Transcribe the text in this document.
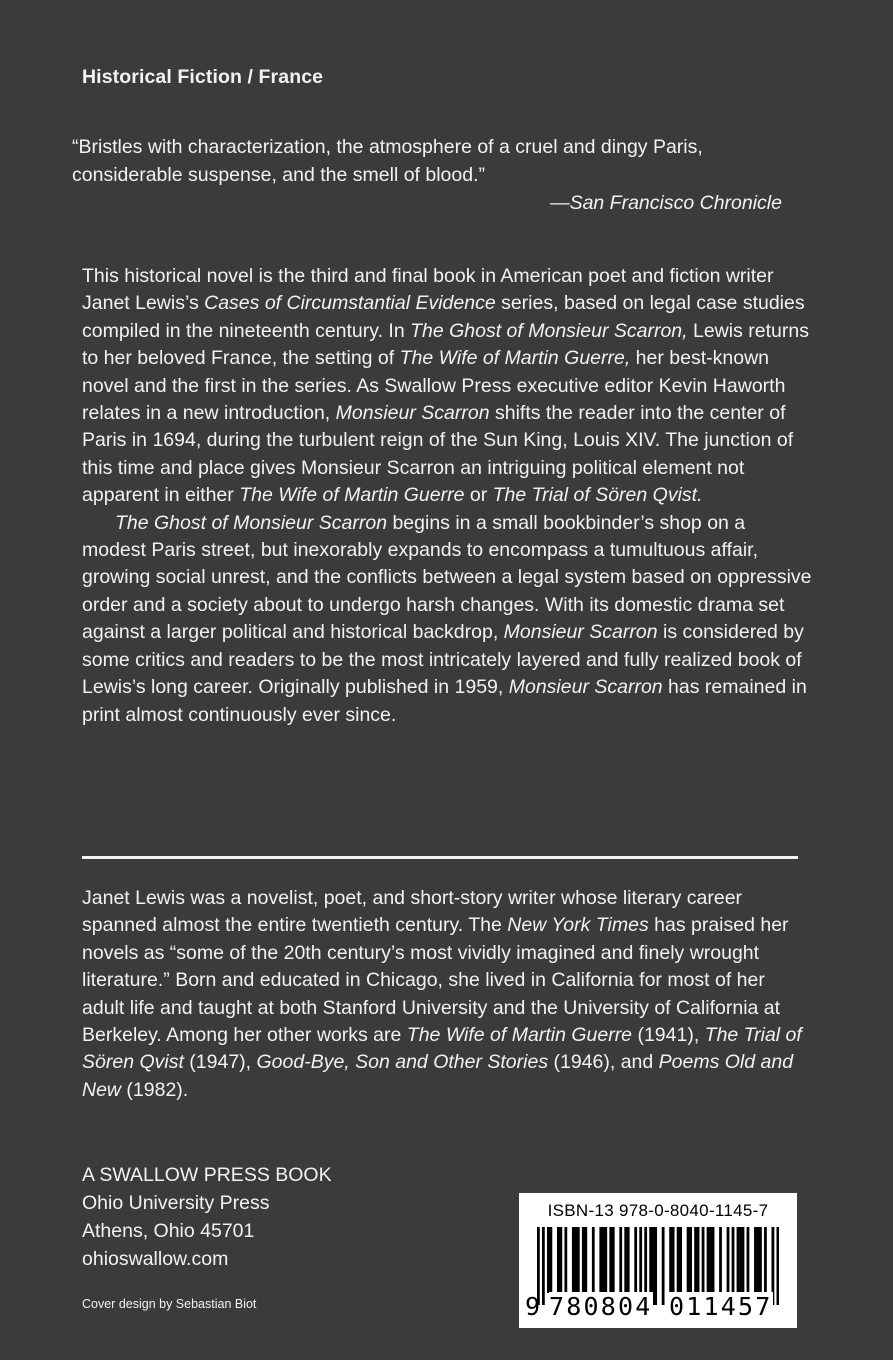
Historical Fiction / France

“Bristles with characterization, the atmosphere of a cruel and dingy Paris, considerable suspense, and the smell of blood.”

—San Francisco Chronicle

This historical novel is the third and final book in American poet and fiction writer Janet Lewis’s Cases of Circumstantial Evidence series, based on legal case studies compiled in the nineteenth century. In The Ghost of Monsieur Scarron, Lewis returns to her beloved France, the setting of The Wife of Martin Guerre, her best-known novel and the first in the series. As Swallow Press executive editor Kevin Haworth relates in a new introduction, Monsieur Scarron shifts the reader into the center of Paris in 1694, during the turbulent reign of the Sun King, Louis XIV. The junction of this time and place gives Monsieur Scarron an intriguing political element not apparent in either The Wife of Martin Guerre or The Trial of Sören Qvist.

The Ghost of Monsieur Scarron begins in a small bookbinder’s shop on a modest Paris street, but inexorably expands to encompass a tumultuous affair, growing social unrest, and the conflicts between a legal system based on oppressive order and a society about to undergo harsh changes. With its domestic drama set against a larger political and historical backdrop, Monsieur Scarron is considered by some critics and readers to be the most intricately layered and fully realized book of Lewis’s long career. Originally published in 1959, Monsieur Scarron has remained in print almost continuously ever since.

Janet Lewis was a novelist, poet, and short-story writer whose literary career spanned almost the entire twentieth century. The New York Times has praised her novels as “some of the 20th century’s most vividly imagined and finely wrought literature.” Born and educated in Chicago, she lived in California for most of her adult life and taught at both Stanford University and the University of California at Berkeley. Among her other works are The Wife of Martin Guerre (1941), The Trial of Sören Qvist (1947), Good-Bye, Son and Other Stories (1946), and Poems Old and New (1982).

A SWALLOW PRESS BOOK
Ohio University Press
Athens, Ohio 45701
ohioswallow.com
Cover design by Sebastian Biot
ISBN-13 978-0-8040-1145-7
9 780804 011457
